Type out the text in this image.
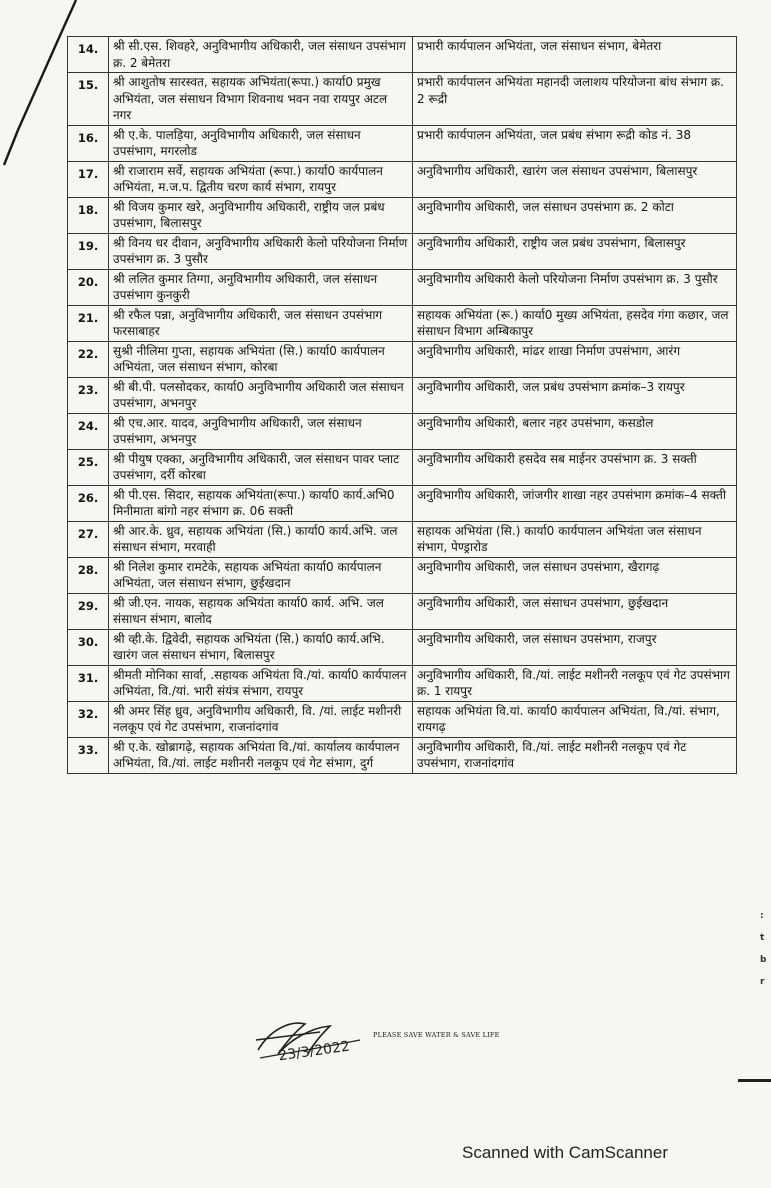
14.	श्री सी.एस. शिवहरे, अनुविभागीय अधिकारी, जल संसाधन उपसंभाग क्र. 2 बेमेतरा	प्रभारी कार्यपालन अभियंता, जल संसाधन संभाग, बेमेतरा
15.	श्री आशुतोष सारस्वत, सहायक अभियंता(रूपा.) कार्या0 प्रमुख अभियंता, जल संसाधन विभाग शिवनाथ भवन नवा रायपुर अटल नगर	प्रभारी कार्यपालन अभियंता महानदी जलाशय परियोजना बांध संभाग क्र. 2 रूद्री
16.	श्री ए.के. पालड़िया, अनुविभागीय अधिकारी, जल संसाधन उपसंभाग, मगरलोड	प्रभारी कार्यपालन अभियंता, जल प्रबंध संभाग रूद्री कोड नं. 38
17.	श्री राजाराम सर्वे, सहायक अभियंता (रूपा.) कार्या0 कार्यपालन अभियंता, म.ज.प. द्वितीय चरण कार्य संभाग, रायपुर	अनुविभागीय अधिकारी, खारंग जल संसाधन उपसंभाग, बिलासपुर
18.	श्री विजय कुमार खरे, अनुविभागीय अधिकारी, राष्ट्रीय जल प्रबंध उपसंभाग, बिलासपुर	अनुविभागीय अधिकारी, जल संसाधन उपसंभाग क्र. 2 कोटा
19.	श्री विनय धर दीवान, अनुविभागीय अधिकारी केलो परियोजना निर्माण उपसंभाग क्र. 3 पुसौर	अनुविभागीय अधिकारी, राष्ट्रीय जल प्रबंध उपसंभाग, बिलासपुर
20.	श्री ललित कुमार तिग्गा, अनुविभागीय अधिकारी, जल संसाधन उपसंभाग कुनकुरी	अनुविभागीय अधिकारी केलो परियोजना निर्माण उपसंभाग क्र. 3 पुसौर
21.	श्री रफैल पन्ना, अनुविभागीय अधिकारी, जल संसाधन उपसंभाग फरसाबाहर	सहायक अभियंता (रू.) कार्या0 मुख्य अभियंता, हसदेव गंगा कछार, जल संसाधन विभाग अम्बिकापुर
22.	सुश्री नीलिमा गुप्ता, सहायक अभियंता (सि.) कार्या0 कार्यपालन अभियंता, जल संसाधन संभाग, कोरबा	अनुविभागीय अधिकारी, मांढर शाखा निर्माण उपसंभाग, आरंग
23.	श्री बी.पी. पलसोदकर, कार्या0 अनुविभागीय अधिकारी जल संसाधन उपसंभाग, अभनपुर	अनुविभागीय अधिकारी, जल प्रबंध उपसंभाग क्रमांक–3 रायपुर
24.	श्री एच.आर. यादव, अनुविभागीय अधिकारी, जल संसाधन उपसंभाग, अभनपुर	अनुविभागीय अधिकारी, बलार नहर उपसंभाग, कसडोल
25.	श्री पीयुष एक्का, अनुविभागीय अधिकारी, जल संसाधन पावर प्लाट उपसंभाग, दर्री कोरबा	अनुविभागीय अधिकारी हसदेव सब माईनर उपसंभाग क्र. 3 सक्ती
26.	श्री पी.एस. सिदार, सहायक अभियंता(रूपा.) कार्या0 कार्य.अभि0 मिनीमाता बांगो नहर संभाग क्र. 06 सक्ती	अनुविभागीय अधिकारी, जांजगीर शाखा नहर उपसंभाग क्रमांक–4 सक्ती
27.	श्री आर.के. ध्रुव, सहायक अभियंता (सि.) कार्या0 कार्य.अभि. जल संसाधन संभाग, मरवाही	सहायक अभियंता (सि.) कार्या0 कार्यपालन अभियंता जल संसाधन संभाग, पेण्ड्रारोड
28.	श्री निलेश कुमार रामटेके, सहायक अभियंता कार्या0 कार्यपालन अभियंता, जल संसाधन संभाग, छुईखदान	अनुविभागीय अधिकारी, जल संसाधन उपसंभाग, खैरागढ़
29.	श्री जी.एन. नायक, सहायक अभियंता कार्या0 कार्य. अभि. जल संसाधन संभाग, बालोद	अनुविभागीय अधिकारी, जल संसाधन उपसंभाग, छुईखदान
30.	श्री व्ही.के. द्विवेदी, सहायक अभियंता (सि.) कार्या0 कार्य.अभि. खारंग जल संसाधन संभाग, बिलासपुर	अनुविभागीय अधिकारी, जल संसाधन उपसंभाग, राजपुर
31.	श्रीमती मोनिका सार्वा, .सहायक अभियंता वि./यां. कार्या0 कार्यपालन अभियंता, वि./यां. भारी संयंत्र संभाग, रायपुर	अनुविभागीय अधिकारी, वि./यां. लाईट मशीनरी नलकूप एवं गेट उपसंभाग क्र. 1 रायपुर
32.	श्री अमर सिंह ध्रुव, अनुविभागीय अधिकारी, वि. /यां. लाईट मशीनरी नलकूप एवं गेट उपसंभाग, राजनांदगांव	सहायक अभियंता वि.यां. कार्या0 कार्यपालन अभियंता, वि./यां. संभाग, रायगढ़
33.	श्री ए.के. खोब्रागढ़े, सहायक अभियंता वि./यां. कार्यालय कार्यपालन अभियंता, वि./यां. लाईट मशीनरी नलकूप एवं गेट संभाग, दुर्ग	अनुविभागीय अधिकारी, वि./यां. लाईट मशीनरी नलकूप एवं गेट उपसंभाग, राजनांदगांव
23/3/2022
PLEASE SAVE WATER & SAVE LIFE
:
t
b
r
Scanned with CamScanner
